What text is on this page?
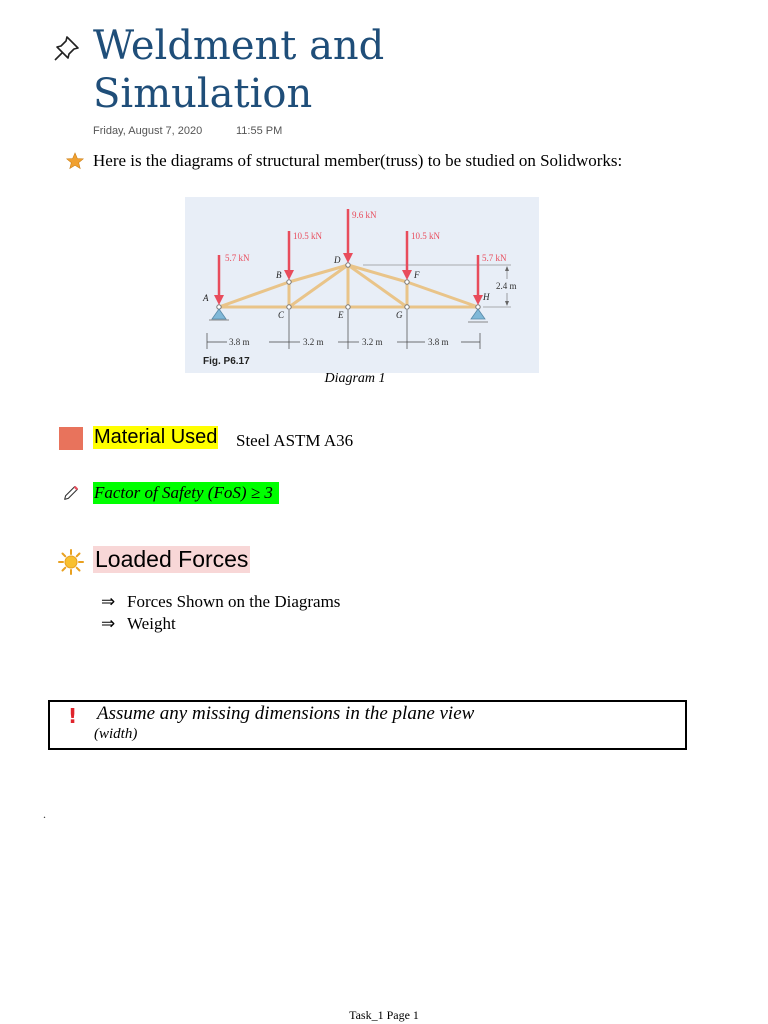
Weldment and Simulation
Friday, August 7, 2020	11:55 PM
Here is the diagrams of structural member(truss) to be studied on Solidworks:
2.4 m
5.7 kN
10.5 kN
9.6 kN
10.5 kN
5.7 kN
A
B
C
D
E
F
G
H
3.8 m	3.2 m	3.2 m	3.8 m
Fig. P6.17
Diagram 1
Material Used Steel ASTM A36
Factor of Safety (FoS) ≥ 3
Loaded Forces
⇒ Forces Shown on the Diagrams
⇒ Weight
! Assume any missing dimensions in the plane view
(width)
.
Task_1 Page 1
